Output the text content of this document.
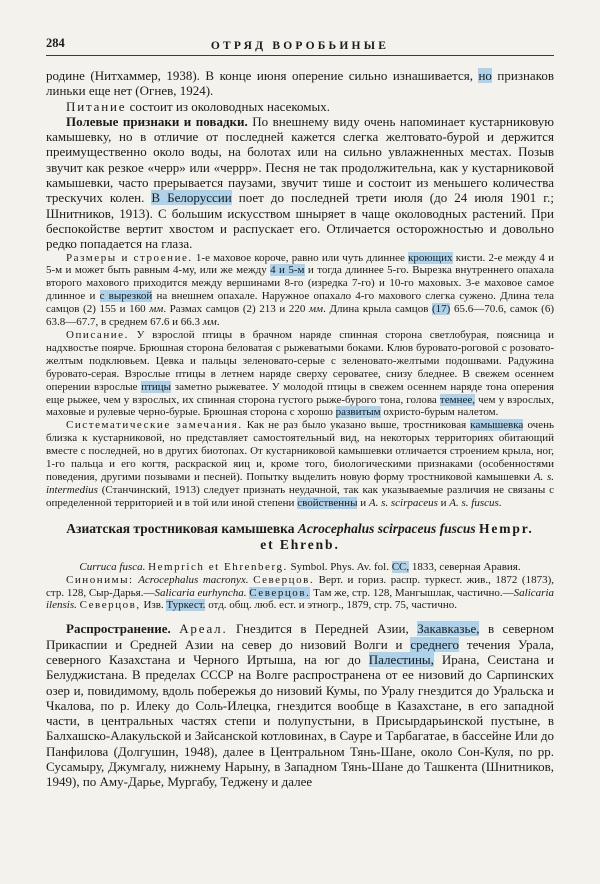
284	ОТРЯД ВОРОБЬИНЫЕ

родине (Нитхаммер, 1938). В конце июня оперение сильно изнашивается, но признаков линьки еще нет (Огнев, 1924).

Питание состоит из околоводных насекомых.

Полевые признаки и повадки. По внешнему виду очень напоминает кустарниковую камышевку, но в отличие от последней кажется слегка желтовато-бурой и держится преимущественно около воды, на болотах или на сильно увлажненных местах. Позыв звучит как резкое «черр» или «черрр». Песня не так продолжительна, как у кустарниковой камышевки, часто прерывается паузами, звучит тише и состоит из меньшего количества трескучих колен. В Белоруссии поет до последней трети июля (до 24 июля 1901 г.; Шнитников, 1913). С большим искусством шныряет в чаще околоводных растений. При беспокойстве вертит хвостом и распускает его. Отличается осторожностью и довольно редко попадается на глаза.

Размеры и строение. 1-е маховое короче, равно или чуть длиннее кроющих кисти. 2-е между 4 и 5-м и может быть равным 4-му, или же между 4 и 5-м и тогда длиннее 5-го. Вырезка внутреннего опахала второго махового приходится между вершинами 8-го (изредка 7-го) и 10-го маховых. 3-е маховое самое длинное и с вырезкой на внешнем опахале. Наружное опахало 4-го махового слегка сужено. Длина тела самцов (2) 155 и 160 мм. Размах самцов (2) 213 и 220 мм. Длина крыла самцов (17) 65.6—70.6, самок (6) 63.8—67.7, в среднем 67.6 и 66.3 мм.

Описание. У взрослой птицы в брачном наряде спинная сторона светлобурая, поясница и надхвостье поярче. Брюшная сторона беловатая с рыжеватыми боками. Клюв буровато-роговой с розовато-желтым подклювьем. Цевка и пальцы зеленовато-серые с зеленовато-желтыми подошвами. Радужина буровато-серая. Взрослые птицы в летнем наряде сверху сероватее, снизу бледнее. В свежем осеннем оперении взрослые птицы заметно рыжеватее. У молодой птицы в свежем осеннем наряде тона оперения еще рыжее, чем у взрослых, их спинная сторона густого рыже-бурого тона, голова темнее, чем у взрослых, маховые и рулевые черно-бурые. Брюшная сторона с хорошо развитым охристо-бурым налетом.

Систематические замечания. Как не раз было указано выше, тростниковая камышевка очень близка к кустарниковой, но представляет самостоятельный вид, на некоторых территориях обитающий вместе с последней, но в других биотопах. От кустарниковой камышевки отличается строением крыла, ног, 1-го пальца и его когтя, раскраской яиц и, кроме того, биологическими признаками (особенностями поведения, другими позывами и песней). Попытку выделить новую форму тростниковой камышевки A. s. intermedius (Станчинский, 1913) следует признать неудачной, так как указываемые различия не связаны с определенной территорией и в той или иной степени свойственны и A. s. scirpaceus и A. s. fuscus.

Азиатская тростниковая камышевка Acrocephalus scirpaceus fuscus Hempr. et Ehrenb.

Curruca fusca. Hemprich et Ehrenberg. Symbol. Phys. Av. fol. CC, 1833, северная Аравия.

Синонимы: Acrocephalus macronyx. Северцов. Верт. и гориз. распр. туркест. жив., 1872 (1873), стр. 128, Сыр-Дарья.—Salicaria eurhyncha. Северцов. Там же, стр. 128, Мангышлак, частично.—Salicaria ilensis. Северцов, Изв. Туркест. отд. общ. люб. ест. и этногр., 1879, стр. 75, частично.

Распространение. Ареал. Гнездится в Передней Азии, Закавказье, в северном Прикаспии и Средней Азии на север до низовий Волги и среднего течения Урала, северного Казахстана и Черного Иртыша, на юг до Палестины, Ирана, Сеистана и Белуджистана. В пределах СССР на Волге распространена от ее низовий до Сарпинских озер и, повидимому, вдоль побережья до низовий Кумы, по Уралу гнездится до Уральска и Чкалова, по р. Илеку до Соль-Илецка, гнездится вообще в Казахстане, в его западной части, в центральных частях степи и полупустыни, в Присырдарьинской пустыне, в Балхашско-Алакульской и Зайсанской котловинах, в Сауре и Тарбагатае, в бассейне Или до Панфилова (Долгушин, 1948), далее в Центральном Тянь-Шане, около Сон-Куля, по рр. Сусамыру, Джумгалу, нижнему Нарыну, в Западном Тянь-Шане до Ташкента (Шнитников, 1949), по Аму-Дарье, Мургабу, Теджену и далее
